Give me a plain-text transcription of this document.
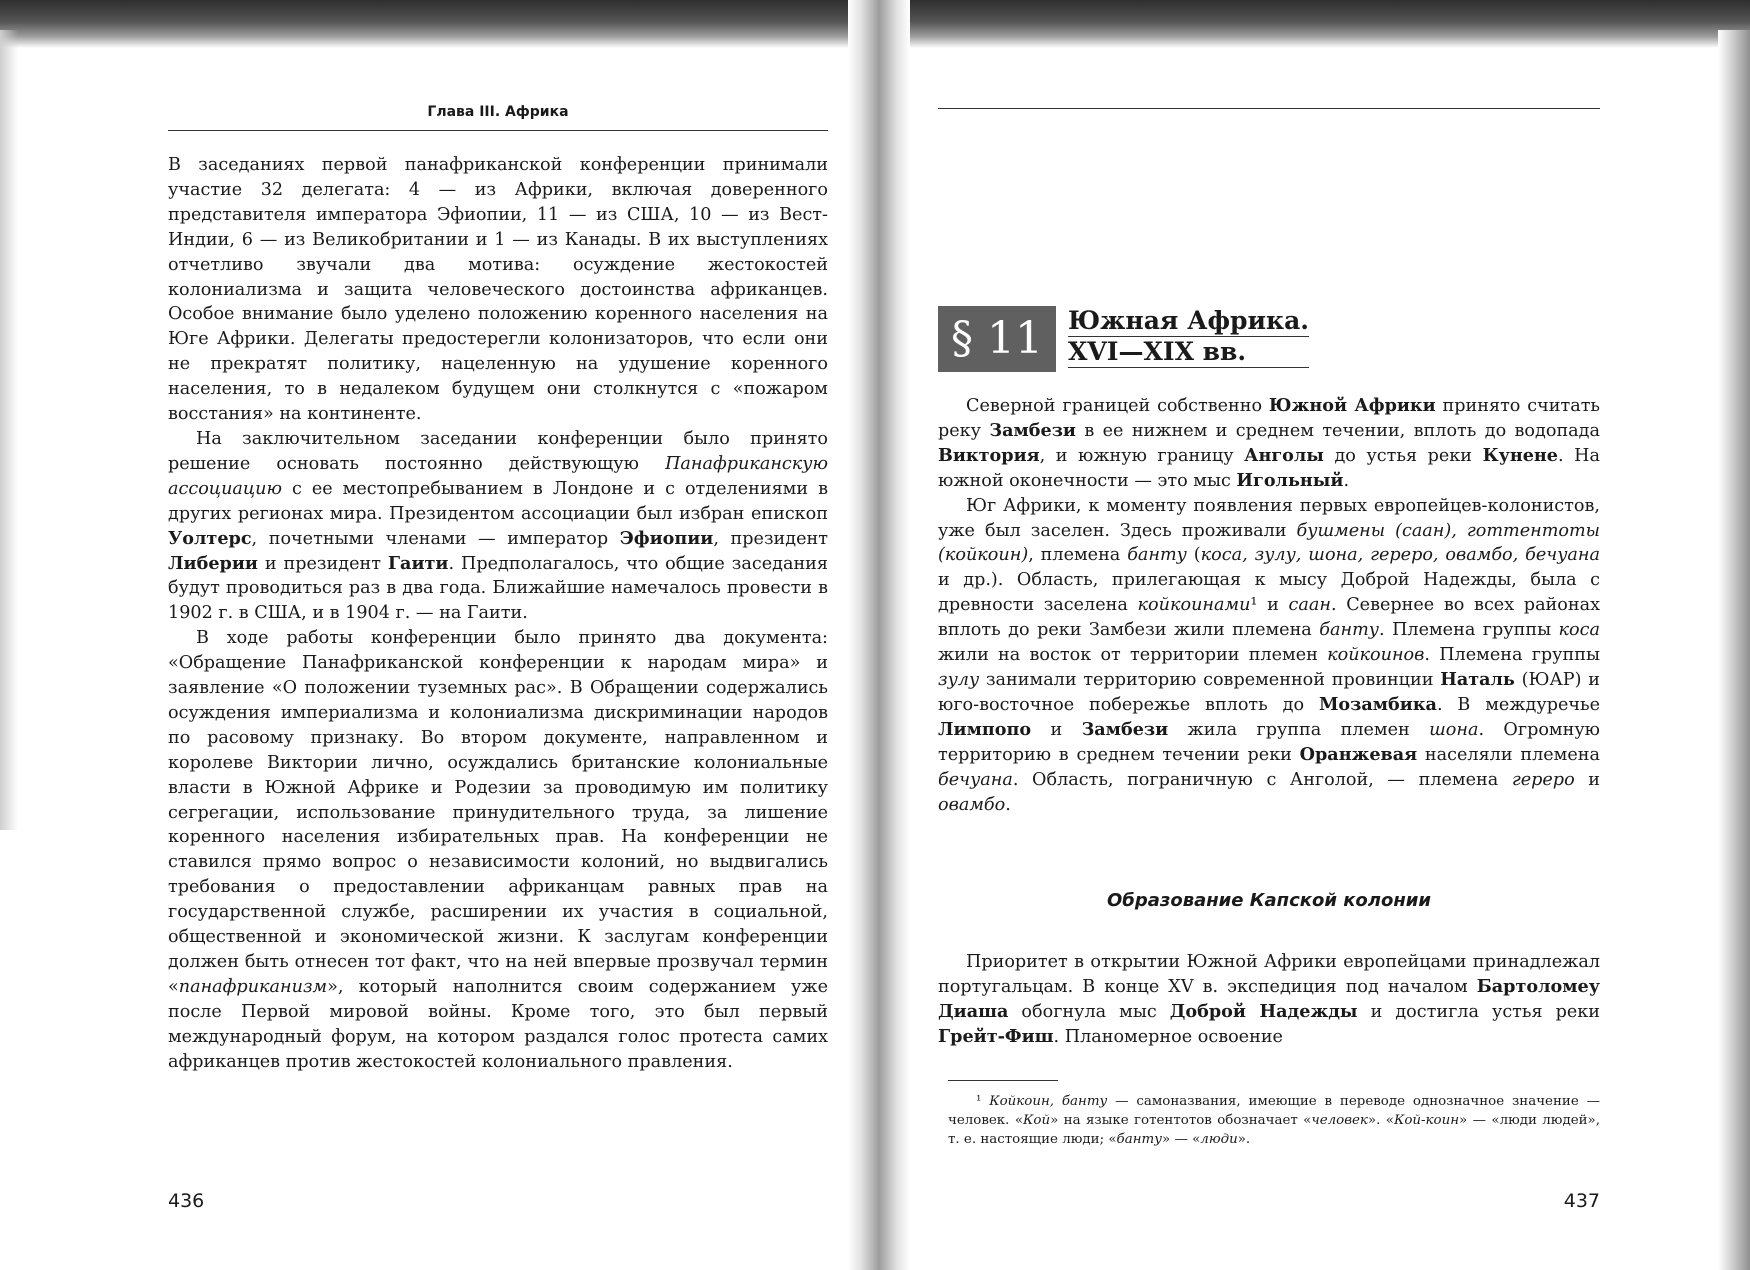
Глава III. Африка

В заседаниях первой панафриканской конференции принимали участие 32 делегата: 4 — из Африки, включая доверенного представителя императора Эфиопии, 11 — из США, 10 — из Вест-Индии, 6 — из Великобритании и 1 — из Канады. В их выступлениях отчетливо звучали два мотива: осуждение жестокостей колониализма и защита человеческого достоинства африканцев. Особое внимание было уделено положению коренного населения на Юге Африки. Делегаты предостерегли колонизаторов, что если они не прекратят политику, нацеленную на удушение коренного населения, то в недалеком будущем они столкнутся с «пожаром восстания» на континенте.

На заключительном заседании конференции было принято решение основать постоянно действующую Панафриканскую ассоциацию с ее местопребыванием в Лондоне и с отделениями в других регионах мира. Президентом ассоциации был избран епископ Уолтерс, почетными членами — император Эфиопии, президент Либерии и президент Гаити. Предполагалось, что общие заседания будут проводиться раз в два года. Ближайшие намечалось провести в 1902 г. в США, и в 1904 г. — на Гаити.

В ходе работы конференции было принято два документа: «Обращение Панафриканской конференции к народам мира» и заявление «О положении туземных рас». В Обращении содержались осуждения империализма и колониализма дискриминации народов по расовому признаку. Во втором документе, направленном и королеве Виктории лично, осуждались британские колониальные власти в Южной Африке и Родезии за проводимую им политику сегрегации, использование принудительного труда, за лишение коренного населения избирательных прав. На конференции не ставился прямо вопрос о независимости колоний, но выдвигались требования о предоставлении африканцам равных прав на государственной службе, расширении их участия в социальной, общественной и экономической жизни. К заслугам конференции должен быть отнесен тот факт, что на ней впервые прозвучал термин «панафриканизм», который наполнится своим содержанием уже после Первой мировой войны. Кроме того, это был первый международный форум, на котором раздался голос протеста самих африканцев против жестокостей колониального правления.

436
§ 11	Южная Африка.
XVI—XIX вв.

Северной границей собственно Южной Африки принято считать реку Замбези в ее нижнем и среднем течении, вплоть до водопада Виктория, и южную границу Анголы до устья реки Кунене. На южной оконечности — это мыс Игольный.

Юг Африки, к моменту появления первых европейцев-колонистов, уже был заселен. Здесь проживали бушмены (саан), готтентоты (койкоин), племена банту (коса, зулу, шона, гереро, овамбо, бечуана и др.). Область, прилегающая к мысу Доброй Надежды, была с древности заселена койкоинами¹ и саан. Севернее во всех районах вплоть до реки Замбези жили племена банту. Племена группы коса жили на восток от территории племен койкоинов. Племена группы зулу занимали территорию современной провинции Наталь (ЮАР) и юго-восточное побережье вплоть до Мозамбика. В междуречье Лимпопо и Замбези жила группа племен шона. Огромную территорию в среднем течении реки Оранжевая населяли племена бечуана. Область, пограничную с Анголой, — племена гереро и овамбо.

Образование Капской колонии

Приоритет в открытии Южной Африки европейцами принадлежал португальцам. В конце XV в. экспедиция под началом Бартоломеу Диаша обогнула мыс Доброй Надежды и достигла устья реки Грейт-Фиш. Планомерное освоение

¹ Койкоин, банту — самоназвания, имеющие в переводе однозначное значение — человек. «Кой» на языке готентотов обозначает «человек». «Кой-коин» — «люди людей», т. е. настоящие люди; «банту» — «люди».

437
